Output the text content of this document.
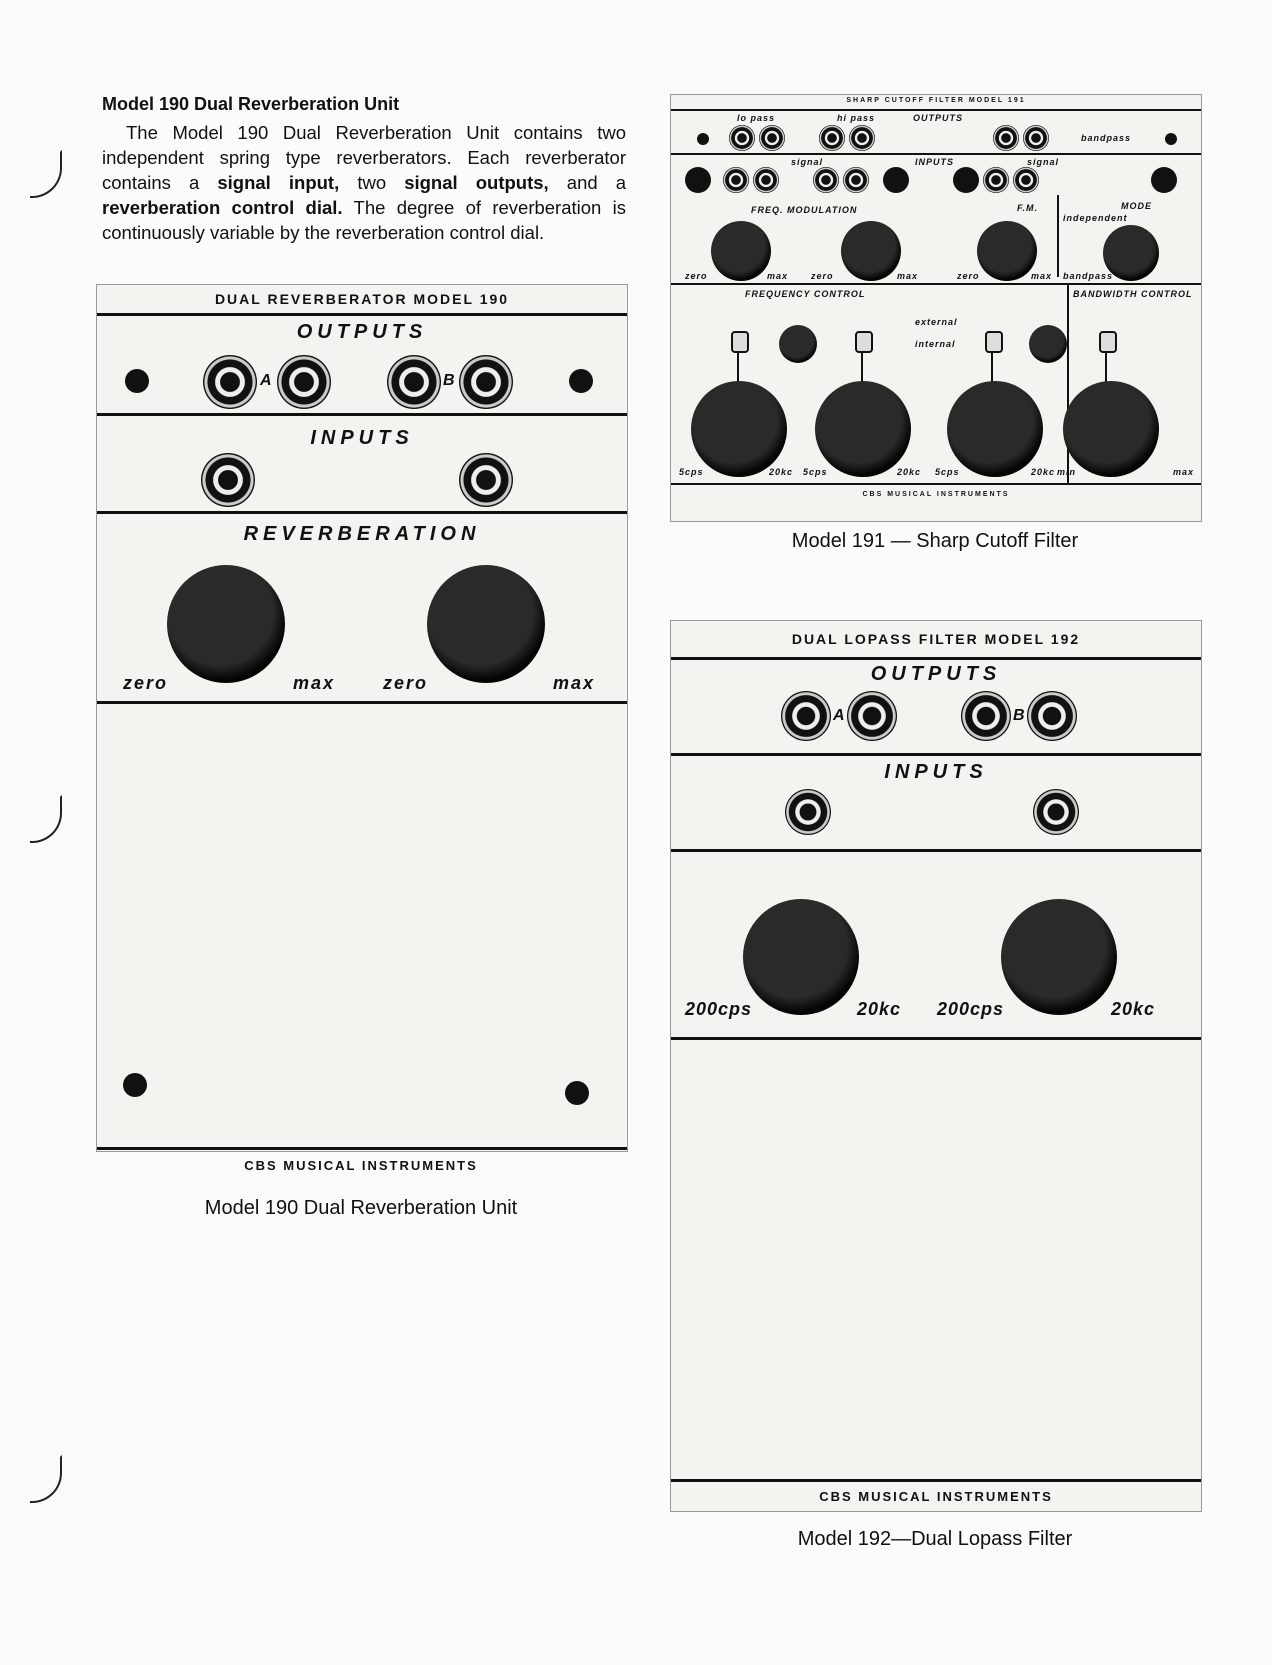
Model 190 Dual Reverberation Unit
The Model 190 Dual Reverberation Unit contains two independent spring type reverberators. Each reverberator contains a signal input, two signal outputs, and a reverberation control dial. The degree of reverberation is continuously variable by the reverberation control dial.
DUAL REVERBERATOR MODEL 190
OUTPUTS
A	B
INPUTS
REVERBERATION
zero	max	zero	max
CBS MUSICAL INSTRUMENTS
Model 190 Dual Reverberation Unit
SHARP CUTOFF FILTER MODEL 191
lo pass	hi pass	OUTPUTS
bandpass
signal	INPUTS	signal
FREQ. MODULATION	F.M.	MODE
independent
zero	max	zero	max	zero	max bandpass
FREQUENCY CONTROL	BANDWIDTH CONTROL
external
internal
5cps	20kc 5cps	20kc 5cps	20kc min	max
CBS MUSICAL INSTRUMENTS
Model 191 — Sharp Cutoff Filter
DUAL LOPASS FILTER MODEL 192
OUTPUTS
A	B
INPUTS
200cps	20kc 200cps	20kc
CBS MUSICAL INSTRUMENTS
Model 192—Dual Lopass Filter
